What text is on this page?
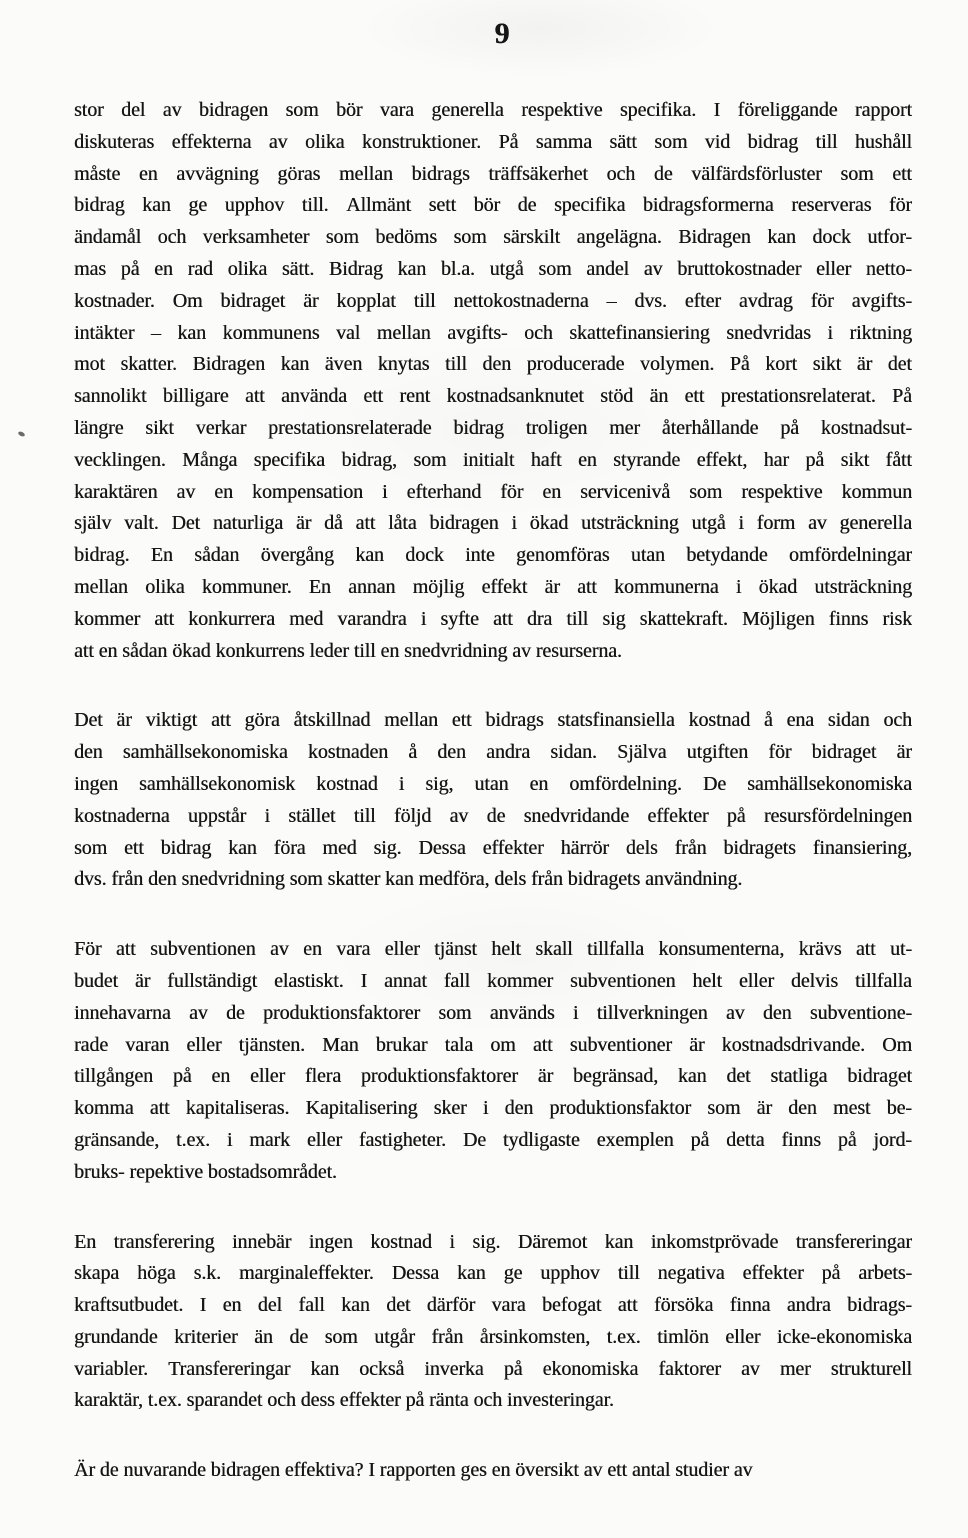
9
stor del av bidragen som bör vara generella respektive specifika. I föreliggande rapport
diskuteras effekterna av olika konstruktioner. På samma sätt som vid bidrag till hushåll
måste en avvägning göras mellan bidrags träffsäkerhet och de välfärdsförluster som ett
bidrag kan ge upphov till. Allmänt sett bör de specifika bidragsformerna reserveras för
ändamål och verksamheter som bedöms som särskilt angelägna. Bidragen kan dock utfor-
mas på en rad olika sätt. Bidrag kan bl.a. utgå som andel av bruttokostnader eller netto-
kostnader. Om bidraget är kopplat till nettokostnaderna – dvs. efter avdrag för avgifts-
intäkter – kan kommunens val mellan avgifts- och skattefinansiering snedvridas i riktning
mot skatter. Bidragen kan även knytas till den producerade volymen. På kort sikt är det
sannolikt billigare att använda ett rent kostnadsanknutet stöd än ett prestationsrelaterat. På
längre sikt verkar prestationsrelaterade bidrag troligen mer återhållande på kostnadsut-
vecklingen. Många specifika bidrag, som initialt haft en styrande effekt, har på sikt fått
karaktären av en kompensation i efterhand för en servicenivå som respektive kommun
själv valt. Det naturliga är då att låta bidragen i ökad utsträckning utgå i form av generella
bidrag. En sådan övergång kan dock inte genomföras utan betydande omfördelningar
mellan olika kommuner. En annan möjlig effekt är att kommunerna i ökad utsträckning
kommer att konkurrera med varandra i syfte att dra till sig skattekraft. Möjligen finns risk
att en sådan ökad konkurrens leder till en snedvridning av resurserna.
Det är viktigt att göra åtskillnad mellan ett bidrags statsfinansiella kostnad å ena sidan och
den samhällsekonomiska kostnaden å den andra sidan. Själva utgiften för bidraget är
ingen samhällsekonomisk kostnad i sig, utan en omfördelning. De samhällsekonomiska
kostnaderna uppstår i stället till följd av de snedvridande effekter på resursfördelningen
som ett bidrag kan föra med sig. Dessa effekter härrör dels från bidragets finansiering,
dvs. från den snedvridning som skatter kan medföra, dels från bidragets användning.
För att subventionen av en vara eller tjänst helt skall tillfalla konsumenterna, krävs att ut-
budet är fullständigt elastiskt. I annat fall kommer subventionen helt eller delvis tillfalla
innehavarna av de produktionsfaktorer som används i tillverkningen av den subventione-
rade varan eller tjänsten. Man brukar tala om att subventioner är kostnadsdrivande. Om
tillgången på en eller flera produktionsfaktorer är begränsad, kan det statliga bidraget
komma att kapitaliseras. Kapitalisering sker i den produktionsfaktor som är den mest be-
gränsande, t.ex. i mark eller fastigheter. De tydligaste exemplen på detta finns på jord-
bruks- repektive bostadsområdet.
En transferering innebär ingen kostnad i sig. Däremot kan inkomstprövade transfereringar
skapa höga s.k. marginaleffekter. Dessa kan ge upphov till negativa effekter på arbets-
kraftsutbudet. I en del fall kan det därför vara befogat att försöka finna andra bidrags-
grundande kriterier än de som utgår från årsinkomsten, t.ex. timlön eller icke-ekonomiska
variabler. Transfereringar kan också inverka på ekonomiska faktorer av mer strukturell
karaktär, t.ex. sparandet och dess effekter på ränta och investeringar.
Är de nuvarande bidragen effektiva? I rapporten ges en översikt av ett antal studier av
